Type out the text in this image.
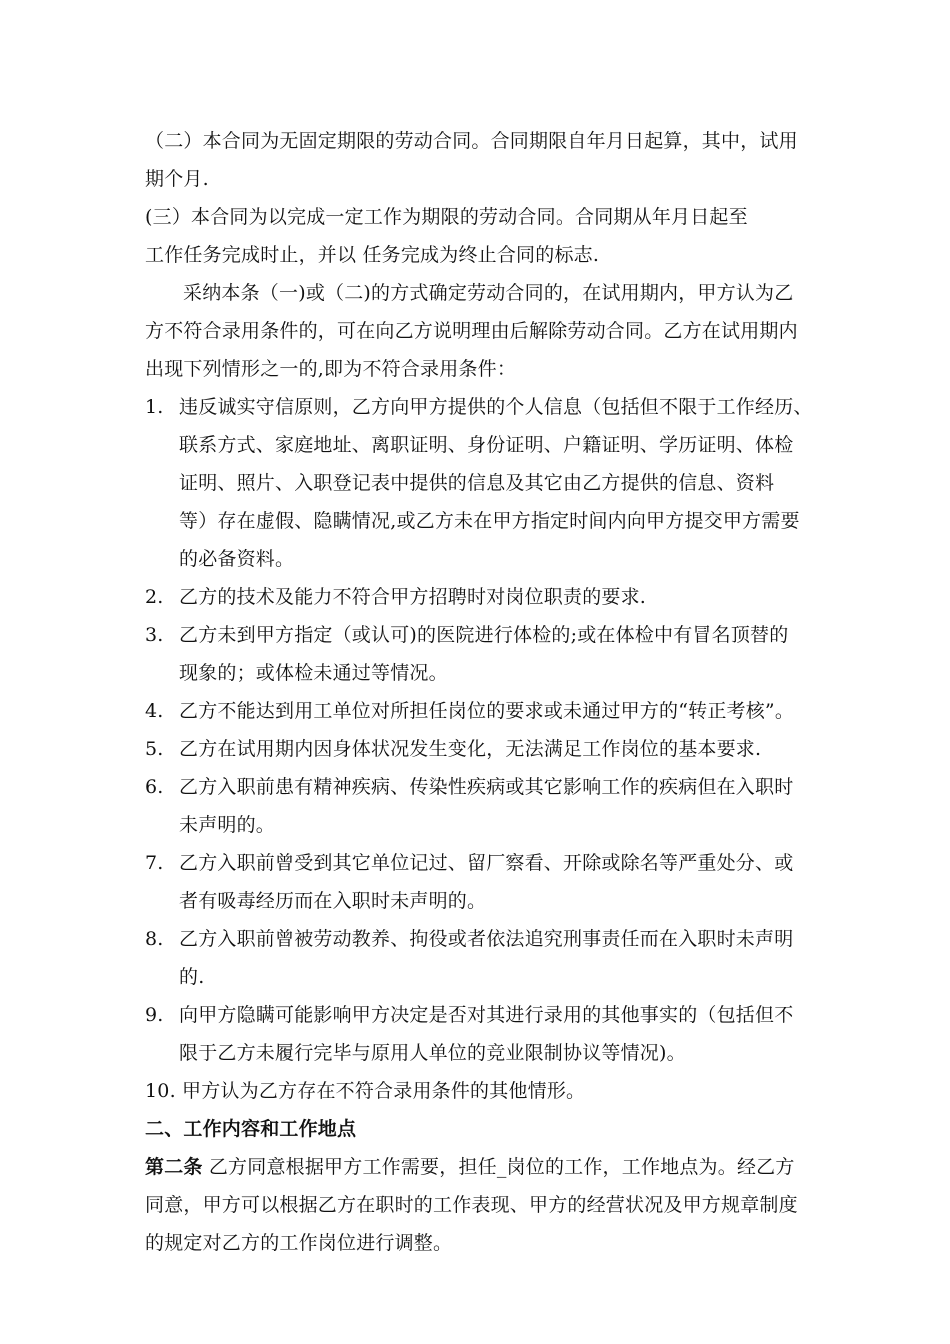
（二）本合同为无固定期限的劳动合同。合同期限自年月日起算，其中，试用
期个月.
(三）本合同为以完成一定工作为期限的劳动合同。合同期从年月日起至
工作任务完成时止，并以 任务完成为终止合同的标志.
采纳本条（一)或（二)的方式确定劳动合同的，在试用期内，甲方认为乙
方不符合录用条件的，可在向乙方说明理由后解除劳动合同。乙方在试用期内
出现下列情形之一的,即为不符合录用条件：
1. 违反诚实守信原则，乙方向甲方提供的个人信息（包括但不限于工作经历、
联系方式、家庭地址、离职证明、身份证明、户籍证明、学历证明、体检
证明、照片、入职登记表中提供的信息及其它由乙方提供的信息、资料
等）存在虚假、隐瞒情况,或乙方未在甲方指定时间内向甲方提交甲方需要
的必备资料。
2. 乙方的技术及能力不符合甲方招聘时对岗位职责的要求.
3. 乙方未到甲方指定（或认可)的医院进行体检的;或在体检中有冒名顶替的
现象的；或体检未通过等情况。
4. 乙方不能达到用工单位对所担任岗位的要求或未通过甲方的“转正考核”。
5. 乙方在试用期内因身体状况发生变化，无法满足工作岗位的基本要求.
6. 乙方入职前患有精神疾病、传染性疾病或其它影响工作的疾病但在入职时
未声明的。
7. 乙方入职前曾受到其它单位记过、留厂察看、开除或除名等严重处分、或
者有吸毒经历而在入职时未声明的。
8. 乙方入职前曾被劳动教养、拘役或者依法追究刑事责任而在入职时未声明
的.
9. 向甲方隐瞒可能影响甲方决定是否对其进行录用的其他事实的（包括但不
限于乙方未履行完毕与原用人单位的竞业限制协议等情况)。
10. 甲方认为乙方存在不符合录用条件的其他情形。
二、工作内容和工作地点
第二条 乙方同意根据甲方工作需要，担任_岗位的工作，工作地点为。经乙方
同意，甲方可以根据乙方在职时的工作表现、甲方的经营状况及甲方规章制度
的规定对乙方的工作岗位进行调整。
